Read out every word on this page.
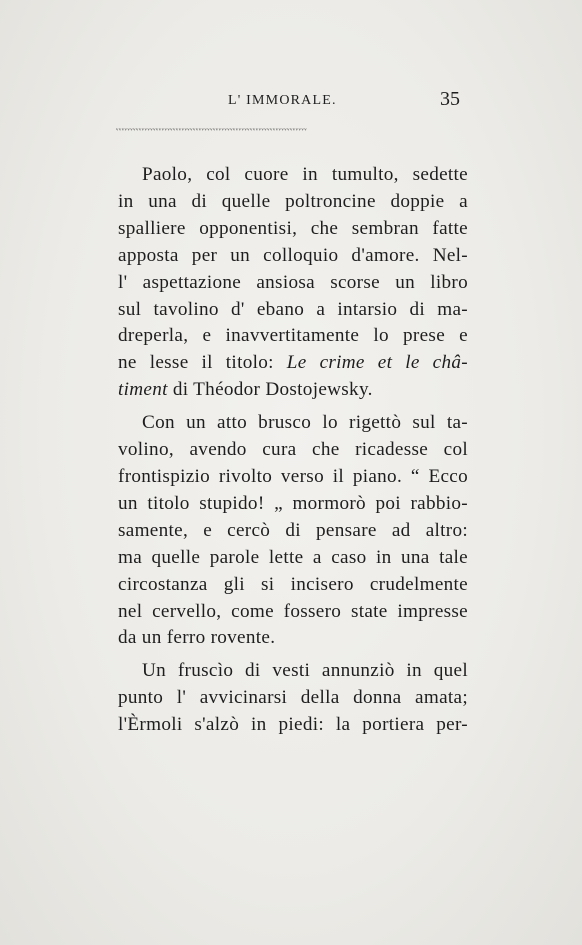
L' IMMORALE.	35
ᵥᵥᵥᵥᵥᵥᵥᵥᵥᵥᵥᵥᵥᵥᵥᵥᵥᵥᵥᵥᵥᵥᵥᵥᵥᵥᵥᵥᵥᵥᵥᵥᵥᵥᵥᵥᵥᵥᵥᵥᵥᵥᵥᵥᵥᵥᵥᵥᵥᵥᵥᵥᵥᵥᵥᵥᵥᵥᵥᵥᵥᵥᵥᵥᵥᵥᵥ
Paolo, col cuore in tumulto, sedette
in una di quelle poltroncine doppie a
spalliere opponentisi, che sembran fatte
apposta per un colloquio d'amore. Nel-
l' aspettazione ansiosa scorse un libro
sul tavolino d' ebano a intarsio di ma-
dreperla, e inavvertitamente lo prese e
ne lesse il titolo: Le crime et le châ-
timent di Théodor Dostojewsky.
Con un atto brusco lo rigettò sul ta-
volino, avendo cura che ricadesse col
frontispizio rivolto verso il piano. “ Ecco
un titolo stupido! „ mormorò poi rabbio-
samente, e cercò di pensare ad altro:
ma quelle parole lette a caso in una tale
circostanza gli si incisero crudelmente
nel cervello, come fossero state impresse
da un ferro rovente.
Un fruscìo di vesti annunziò in quel
punto l' avvicinarsi della donna amata;
l'Èrmoli s'alzò in piedi: la portiera per-
